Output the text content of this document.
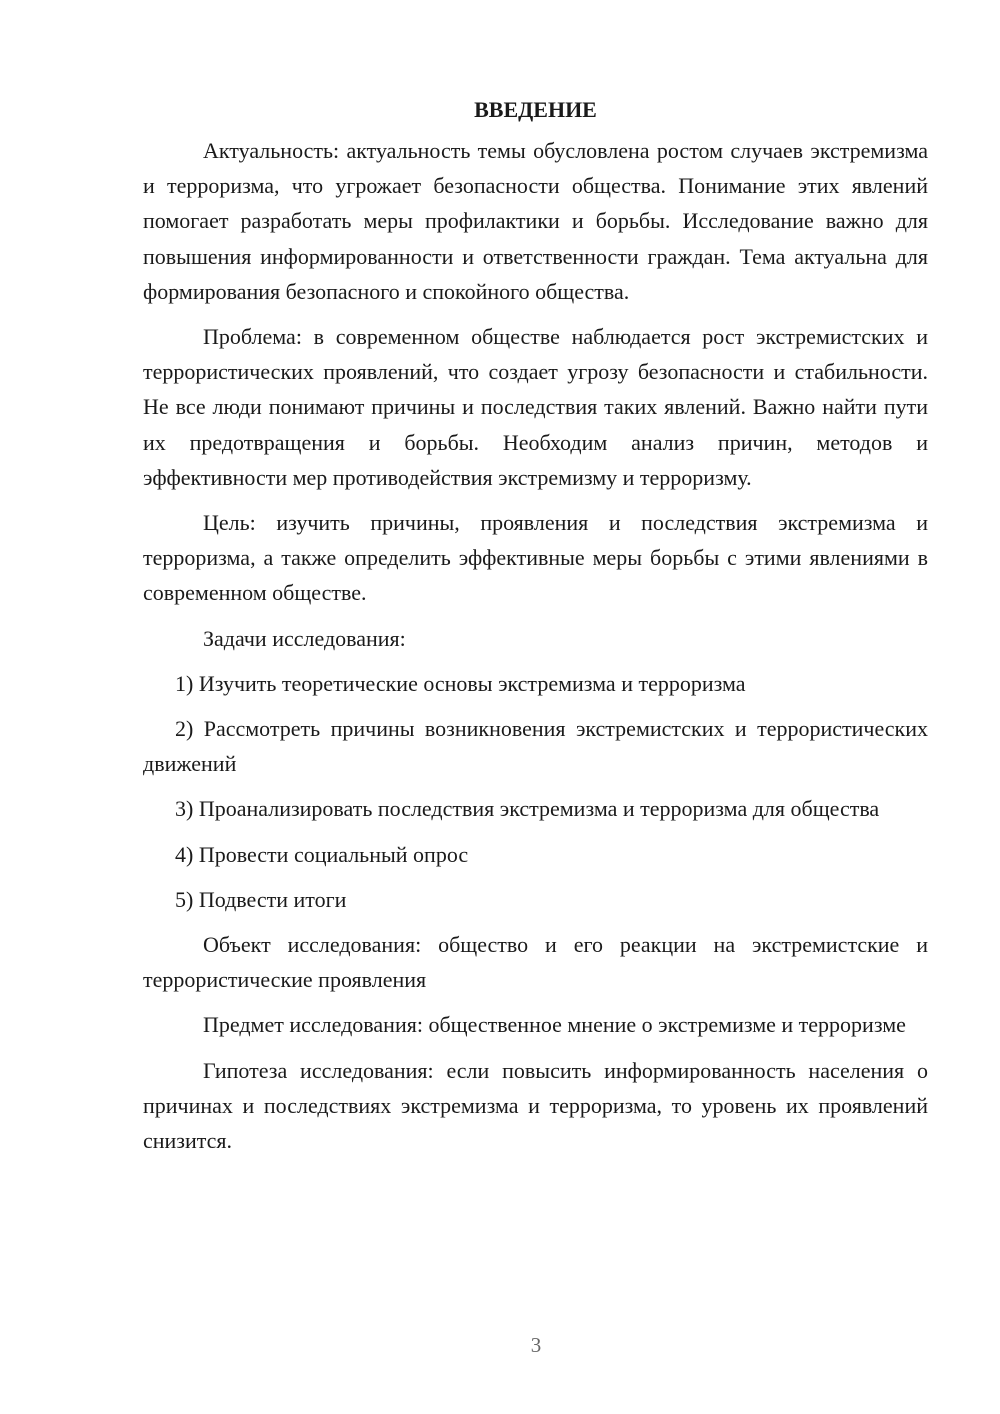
ВВЕДЕНИЕ

Актуальность: актуальность темы обусловлена ростом случаев экстремизма и терроризма, что угрожает безопасности общества. Понимание этих явлений помогает разработать меры профилактики и борьбы. Исследование важно для повышения информированности и ответственности граждан. Тема актуальна для формирования безопасного и спокойного общества.

Проблема: в современном обществе наблюдается рост экстремистских и террористических проявлений, что создает угрозу безопасности и стабильности. Не все люди понимают причины и последствия таких явлений. Важно найти пути их предотвращения и борьбы. Необходим анализ причин, методов и эффективности мер противодействия экстремизму и терроризму.

Цель: изучить причины, проявления и последствия экстремизма и терроризма, а также определить эффективные меры борьбы с этими явлениями в современном обществе.

Задачи исследования:

1) Изучить теоретические основы экстремизма и терроризма

2) Рассмотреть причины возникновения экстремистских и террористических движений

3) Проанализировать последствия экстремизма и терроризма для общества

4) Провести социальный опрос

5) Подвести итоги

Объект исследования: общество и его реакции на экстремистские и террористические проявления

Предмет исследования: общественное мнение о экстремизме и терроризме

Гипотеза исследования: если повысить информированность населения о причинах и последствиях экстремизма и терроризма, то уровень их проявлений снизится.

3
